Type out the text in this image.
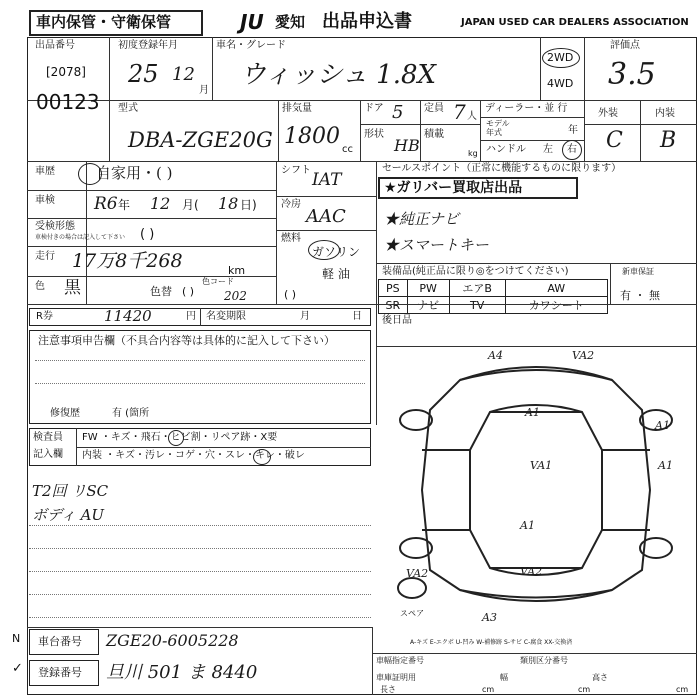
車内保管・守衛保管	JU 愛知 出品申込書	JAPAN USED CAR DEALERS ASSOCIATION
出品番号
[2078]
00123
初度登録年月
25 12
月
車名・グレード
ウィッシュ 1.8X
2WD
4WD
評価点
3.5
外装	内装
C B
型式
DBA-ZGE20G
排気量
1800
cc
ドア 5
形状
HB
定員 7 人
積載
kg
ディーラー・並 行
モデル
年式	年
ハンドル 左 右
車歴	自家用・( )
車検 R6 年 12 月( 18 日)
受検形態
車検付きの場合は記入して下さい ( )
走行 17万8千268	km
色 黒	色替 ( )
色コード
202
シフト IAT
冷房
AAC
燃料
ガソリン
軽 油
( )
セールスポイント（正常に機能するものに限ります）
★ガリバー買取店出品
★純正ナビ
★スマートキー
装備品(純正品に限り◎をつけてください)
PS	PW	エアB	AW
SR	ナビ	TV	カワシート
新車保証
有 ・ 無
R券	11420	円 名変期限	月	日
注意事項申告欄（不具合内容等は具体的に記入して下さい）
修復歴	有 (箇所
検査員
記入欄
FW ・キズ・飛石・ヒビ割・リペア跡・X要
内装 ・キズ・汚レ・コゲ・穴・スレ・キレ・破レ
T2回 リSC
ボディ AU
後日品
A4	VA2
A1
A1
VA1	A1
A1
VA2	VA2
A3
スペア
A-キズ E-エクボ U-凹み W-補修跡 S-サビ C-腐食 XX-交換済
N
✓
車台番号 ZGE20-6005228
登録番号 旦川 501 ま 8440
車幅指定番号	類別区分番号
車庫証明用
長さ	cm
幅
cm
高さ
cm
